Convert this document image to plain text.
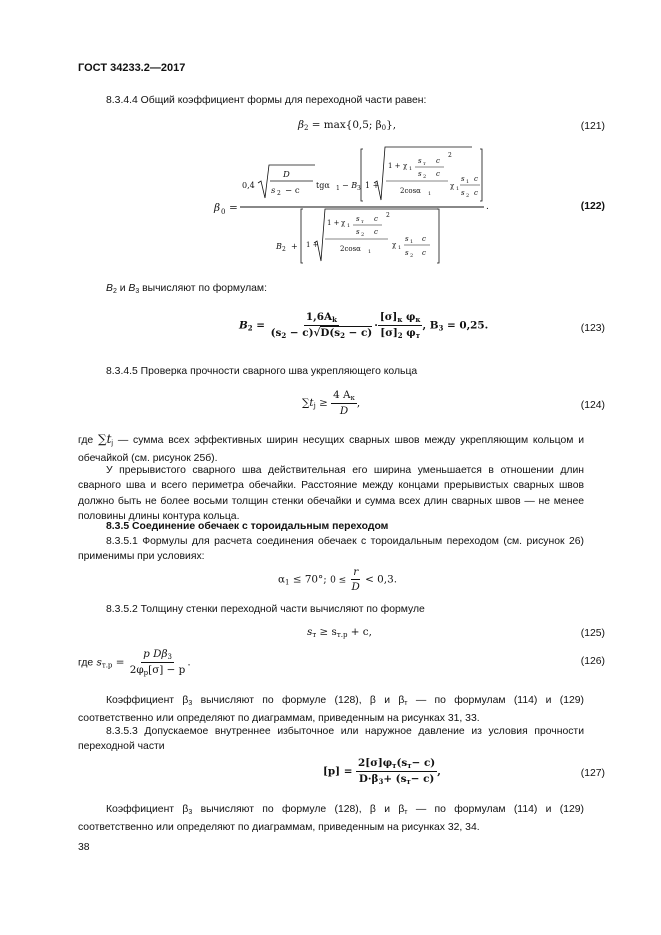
ГОСТ 34233.2—2017
8.3.4.4 Общий коэффициент формы для переходной части равен:
$\beta_2 = \max\{0,5$; $\beta_0$},	(121)
β 0 =
0,4
D
s 2 − c
tgα 1 − B 3 1 +
1 + χ 1
s т c
s 2 c
2
2cosα 1
χ 1
s 1 c
s 2 c
.
B 2 + 1 +
1 + χ 1
s т c
s 2 c
2
2cosα 1
χ 1
s 1 c
s 2 c
(122)
$B_2$ и $B_3$ вычисляют по формулам:
$B_2 = \frac{1,6A_k}{(s_2 - c)√D(s_2 - c)} \cdot \frac{[\sigma]_к \varphi_к}{[\sigma]_2 \varphi_т}$ , $B_3 = 0,25$.	(123)
8.3.4.5 Проверка прочности сварного шва укрепляющего кольца
$\sum t_j \ge \frac{4 A_к}{D}$ ,	(124)
где $\sum t_j$ — сумма всех эффективных ширин несущих сварных швов между укрепляющим кольцом и обечайкой (см. рисунок 25б).
У прерывистого сварного шва действительная его ширина уменьшается в отношении длин сварного шва и всего периметра обечайки. Расстояние между концами прерывистых сварных швов должно быть не более восьми толщин стенки обечайки и сумма всех длин сварных швов — не менее половины длины контура кольца.
8.3.5 Соединение обечаек с тороидальным переходом
8.3.5.1 Формулы для расчета соединения обечаек с тороидальным переходом (см. рисунок 26) применимы при условиях:
$\alpha_1 \le 70^\circ$; $0 \le \frac{r}{D} < 0,3$.
8.3.5.2 Толщину стенки переходной части вычисляют по формуле
$s_т \ge s_{т.р} + c$,	(125)
где $s_{т.р} = \frac{p D\beta_3}{2\varphi_р[\sigma] - p}$ .	(126)
Коэффициент $\beta_3$ вычисляют по формуле (128), β и $\beta_т$ — по формулам (114) и (129) соответственно или определяют по диаграммам, приведенным на рисунках 31, 33.
8.3.5.3 Допускаемое внутреннее избыточное или наружное давление из условия прочности переходной части
$[p] = \frac{2[\sigma]\varphi_т(s_т- c)}{D\cdot\beta_3+ (s_т- c)}$ ,	(127)
Коэффициент $\beta_3$ вычисляют по формуле (128), β и $\beta_т$ — по формулам (114) и (129) соответственно или определяют по диаграммам, приведенным на рисунках 32, 34.
38
